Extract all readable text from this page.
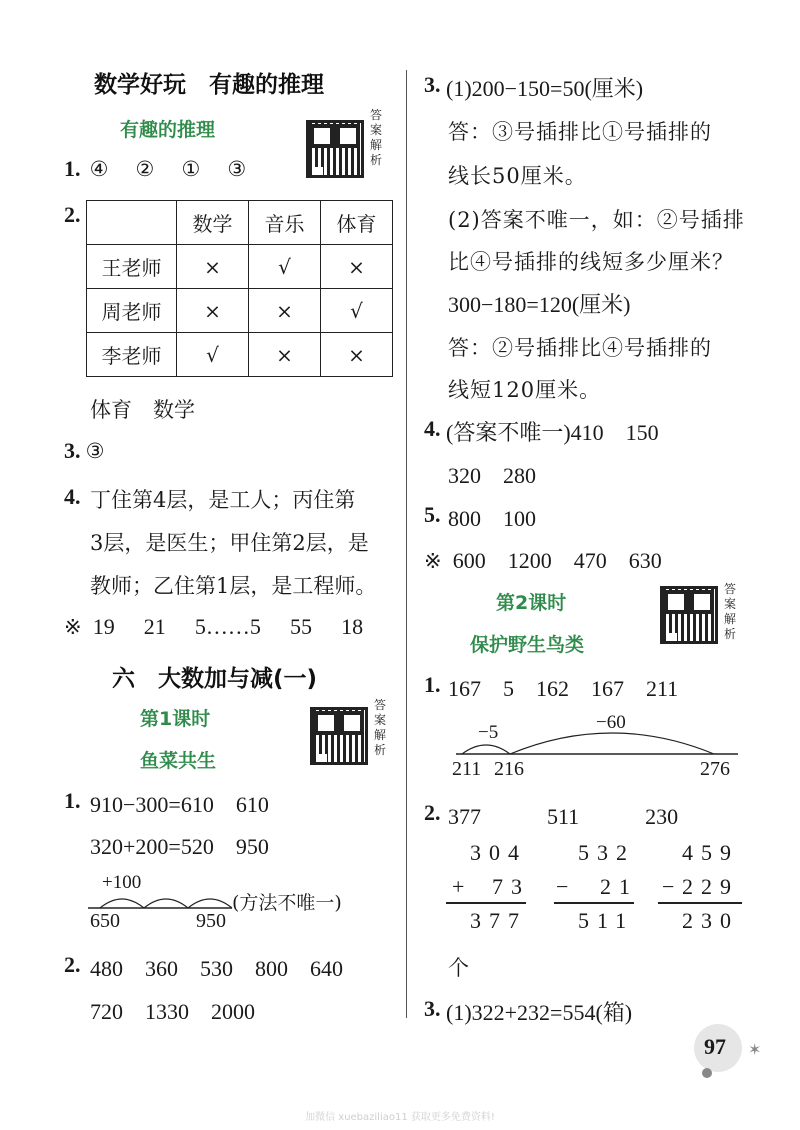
数学好玩　有趣的推理
有趣的推理
答案解析
1. ④ ② ① ③
2.
		数学	音乐	体育
王老师	×	√	×
周老师	×	×	√
李老师	√	×	×
体育　数学
3. ③
4. 丁住第4层，是工人；丙住第
3层，是医生；甲住第2层，是
教师；乙住第1层，是工程师。
※ 19 21 5……5 55 18
六　大数加与减(一)
第1课时
鱼菜共生
答案解析
1. 910−300=610　610
320+200=520　950
+100
650	950
(方法不唯一)
2. 480　360　530　800　640
720　1330　2000
3. (1)200−150=50(厘米)
答：③号插排比①号插排的
线长50厘米。
(2)答案不唯一，如：②号插排
比④号插排的线短多少厘米？
300−180=120(厘米)
答：②号插排比④号插排的
线短120厘米。
4. (答案不唯一)410　150
320　280
5. 800　100
※ 600　1200　470　630
第2课时
保护野生鸟类
答案解析
1. 167　5　162　167　211
−5	−60
211 216	276
2. 377　　　511　　　230
304
+ 73
377
532
− 21
511
459
− 229
230
个
3. (1)322+232=554(箱)
97 ✶
加微信 xuebaziliao11 获取更多免费资料!
